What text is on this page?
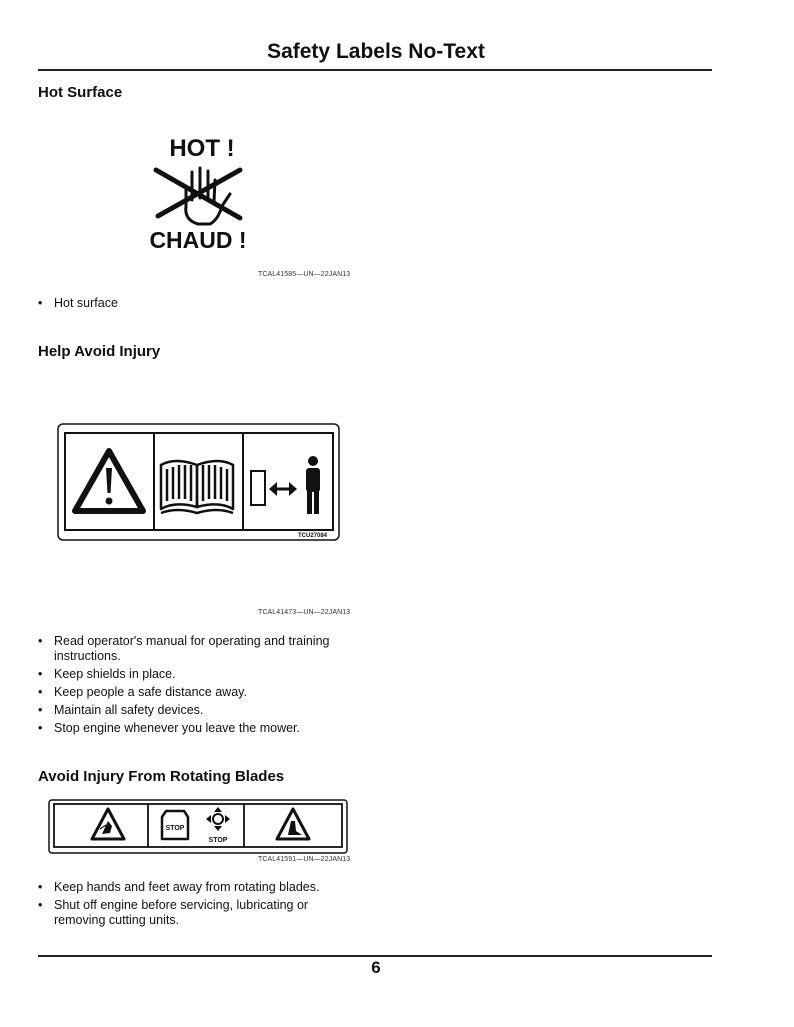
Safety Labels No-Text
Hot Surface
HOT !
CHAUD !
TCAL41585—UN—22JAN13
• Hot surface
Help Avoid Injury
TCU27084
TCAL41473—UN—22JAN13
• Read operator's manual for operating and training instructions.
• Keep shields in place.
• Keep people a safe distance away.
• Maintain all safety devices.
• Stop engine whenever you leave the mower.
Avoid Injury From Rotating Blades
STOP
STOP
TCAL41591—UN—22JAN13
• Keep hands and feet away from rotating blades.
• Shut off engine before servicing, lubricating or removing cutting units.
6
